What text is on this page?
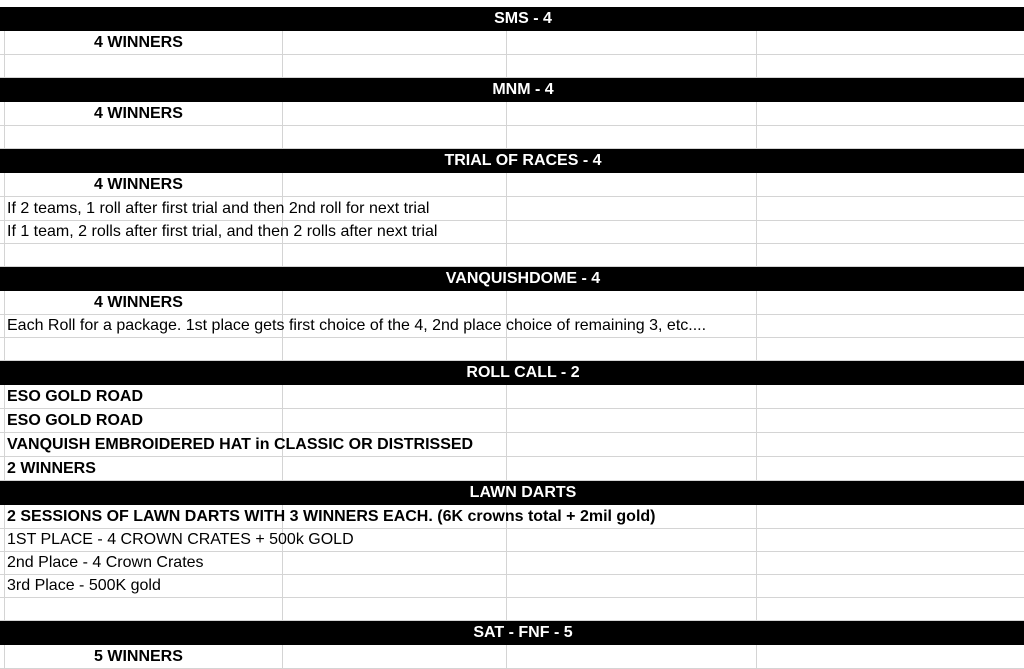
SMS - 4
4 WINNERS
MNM - 4
4 WINNERS
TRIAL OF RACES - 4
4 WINNERS
If 2 teams, 1 roll after first trial and then 2nd roll for next trial
If 1 team, 2 rolls after first trial, and then 2 rolls after next trial
VANQUISHDOME - 4
4 WINNERS
Each Roll for a package. 1st place gets first choice of the 4, 2nd place choice of remaining 3, etc....
ROLL CALL - 2
ESO GOLD ROAD
ESO GOLD ROAD
VANQUISH EMBROIDERED HAT in CLASSIC OR DISTRISSED
2 WINNERS
LAWN DARTS
2 SESSIONS OF LAWN DARTS WITH 3 WINNERS EACH. (6K crowns total + 2mil gold)
1ST PLACE - 4 CROWN CRATES + 500k GOLD
2nd Place - 4 Crown Crates
3rd Place - 500K gold
SAT - FNF - 5
5 WINNERS
